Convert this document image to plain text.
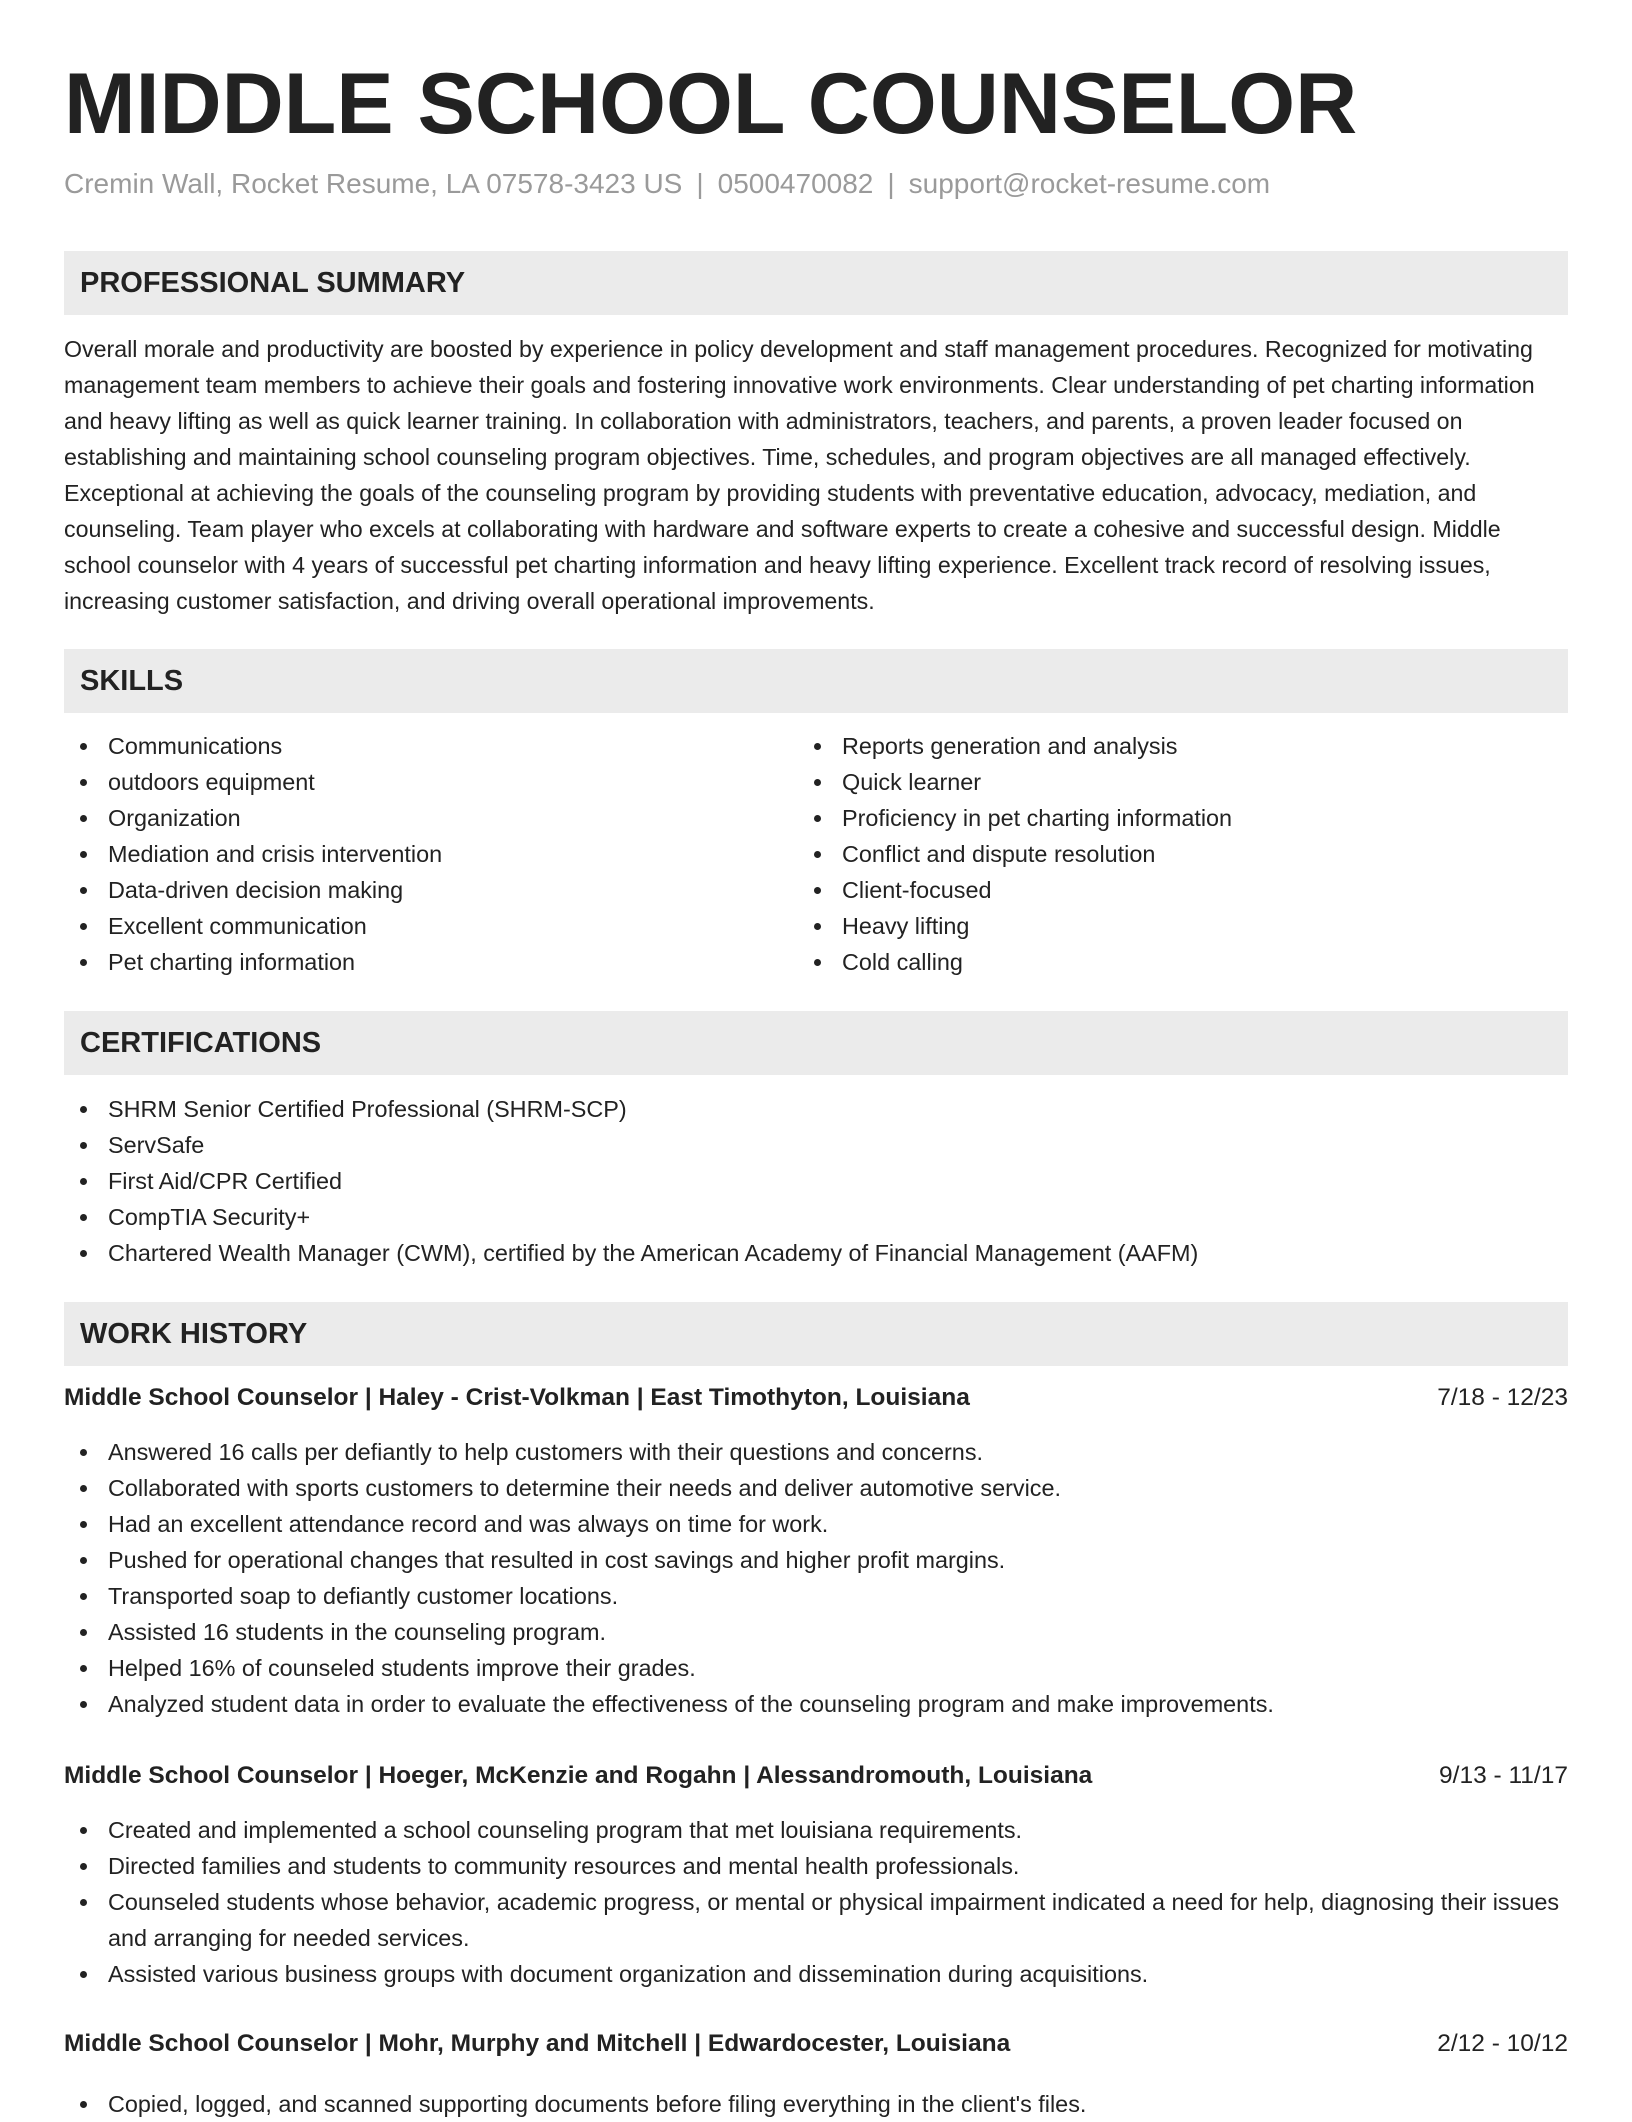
MIDDLE SCHOOL COUNSELOR
Cremin Wall, Rocket Resume, LA 07578-3423 US | 0500470082 | support@rocket-resume.com
PROFESSIONAL SUMMARY

Overall morale and productivity are boosted by experience in policy development and staff management procedures. Recognized for motivating management team members to achieve their goals and fostering innovative work environments. Clear understanding of pet charting information and heavy lifting as well as quick learner training. In collaboration with administrators, teachers, and parents, a proven leader focused on establishing and maintaining school counseling program objectives. Time, schedules, and program objectives are all managed effectively. Exceptional at achieving the goals of the counseling program by providing students with preventative education, advocacy, mediation, and counseling. Team player who excels at collaborating with hardware and software experts to create a cohesive and successful design. Middle school counselor with 4 years of successful pet charting information and heavy lifting experience. Excellent track record of resolving issues, increasing customer satisfaction, and driving overall operational improvements.

SKILLS
Communications
outdoors equipment
Organization
Mediation and crisis intervention
Data-driven decision making
Excellent communication
Pet charting information
Reports generation and analysis
Quick learner
Proficiency in pet charting information
Conflict and dispute resolution
Client-focused
Heavy lifting
Cold calling
CERTIFICATIONS
SHRM Senior Certified Professional (SHRM-SCP)
ServSafe
First Aid/CPR Certified
CompTIA Security+
Chartered Wealth Manager (CWM), certified by the American Academy of Financial Management (AAFM)
WORK HISTORY
Middle School Counselor | Haley - Crist-Volkman | East Timothyton, Louisiana	7/18 - 12/23
Answered 16 calls per defiantly to help customers with their questions and concerns.
Collaborated with sports customers to determine their needs and deliver automotive service.
Had an excellent attendance record and was always on time for work.
Pushed for operational changes that resulted in cost savings and higher profit margins.
Transported soap to defiantly customer locations.
Assisted 16 students in the counseling program.
Helped 16% of counseled students improve their grades.
Analyzed student data in order to evaluate the effectiveness of the counseling program and make improvements.
Middle School Counselor | Hoeger, McKenzie and Rogahn | Alessandromouth, Louisiana	9/13 - 11/17
Created and implemented a school counseling program that met louisiana requirements.
Directed families and students to community resources and mental health professionals.
Counseled students whose behavior, academic progress, or mental or physical impairment indicated a need for help, diagnosing their issues and arranging for needed services.
Assisted various business groups with document organization and dissemination during acquisitions.
Middle School Counselor | Mohr, Murphy and Mitchell | Edwardocester, Louisiana	2/12 - 10/12
Copied, logged, and scanned supporting documents before filing everything in the client's files.
